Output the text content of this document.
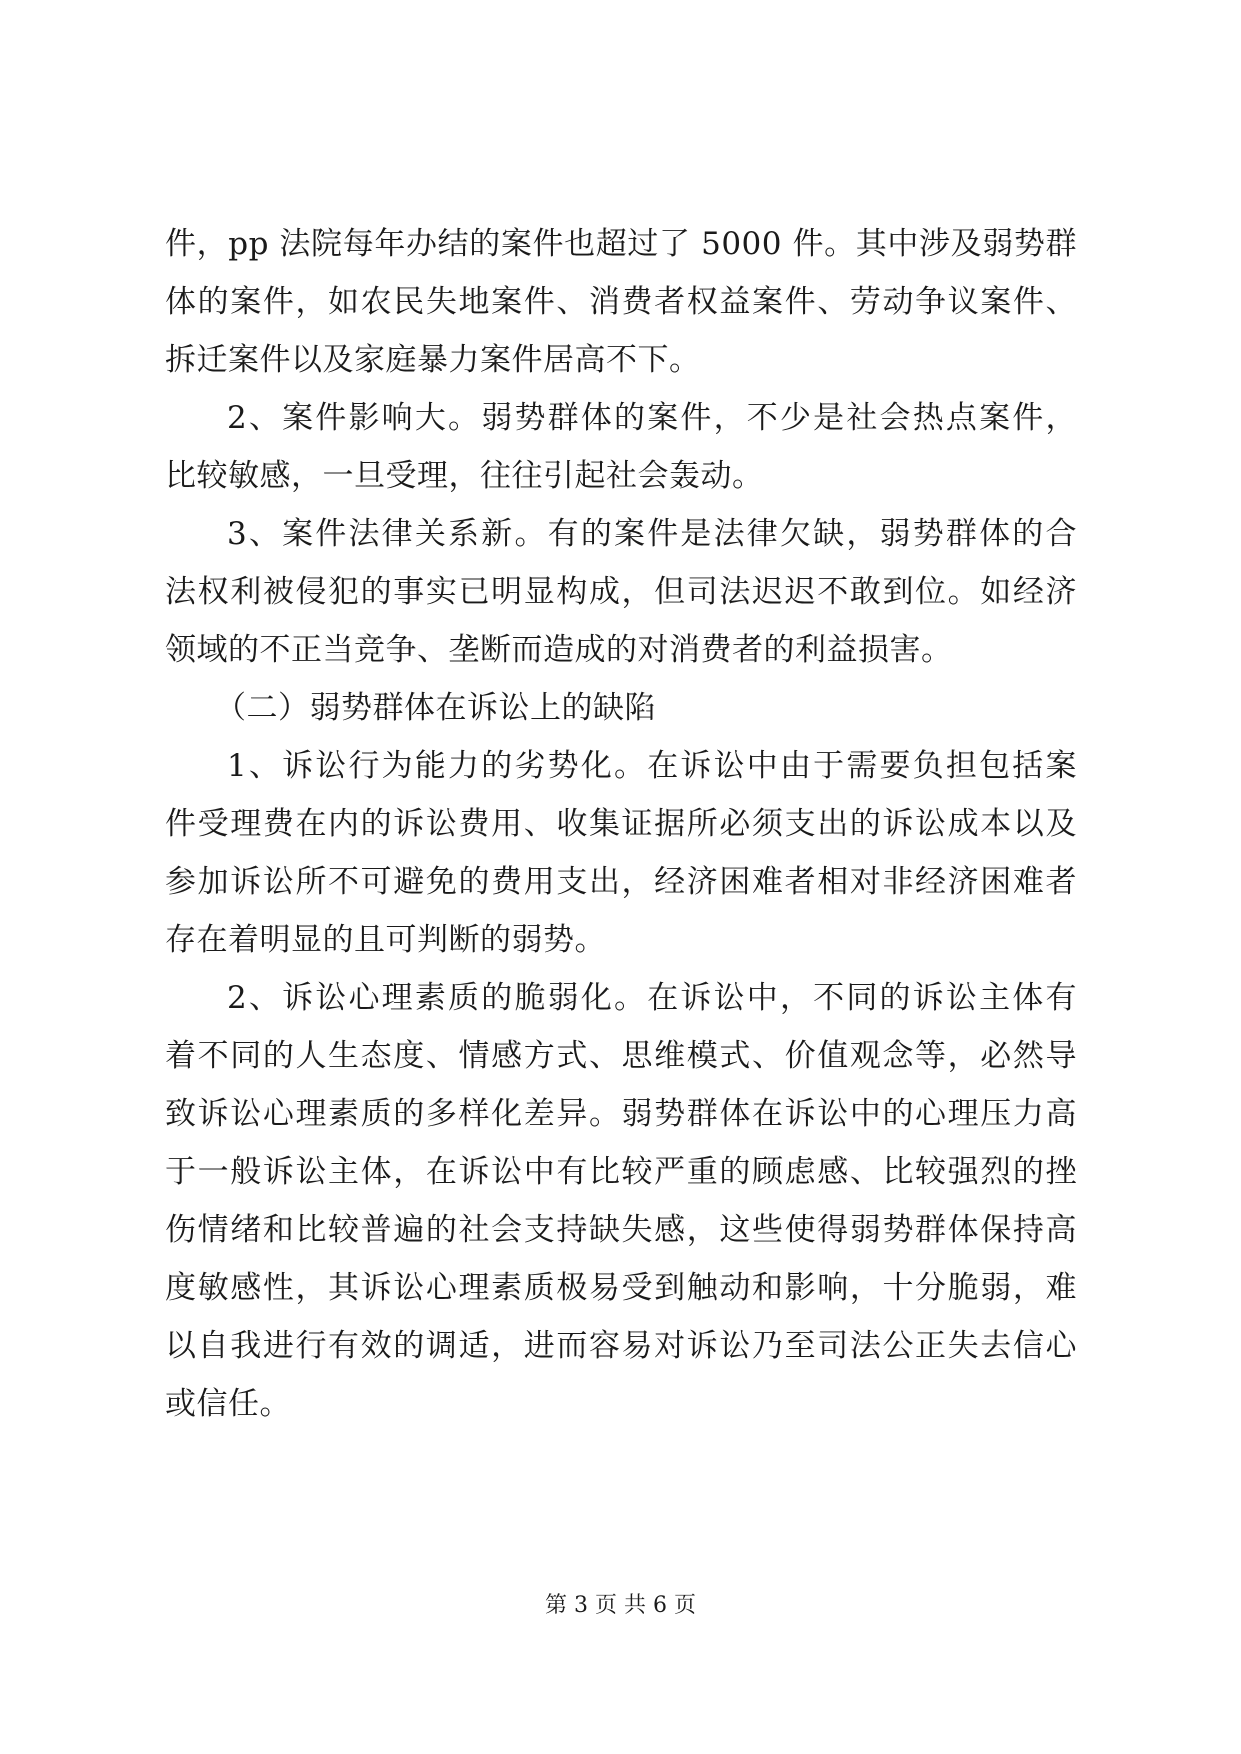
件，pp 法院每年办结的案件也超过了 5000 件。其中涉及弱势群
体的案件，如农民失地案件、消费者权益案件、劳动争议案件、
拆迁案件以及家庭暴力案件居高不下。
2、案件影响大。弱势群体的案件，不少是社会热点案件，
比较敏感，一旦受理，往往引起社会轰动。
3、案件法律关系新。有的案件是法律欠缺，弱势群体的合
法权利被侵犯的事实已明显构成，但司法迟迟不敢到位。如经济
领域的不正当竞争、垄断而造成的对消费者的利益损害。
（二）弱势群体在诉讼上的缺陷
1、诉讼行为能力的劣势化。在诉讼中由于需要负担包括案
件受理费在内的诉讼费用、收集证据所必须支出的诉讼成本以及
参加诉讼所不可避免的费用支出，经济困难者相对非经济困难者
存在着明显的且可判断的弱势。
2、诉讼心理素质的脆弱化。在诉讼中，不同的诉讼主体有
着不同的人生态度、情感方式、思维模式、价值观念等，必然导
致诉讼心理素质的多样化差异。弱势群体在诉讼中的心理压力高
于一般诉讼主体，在诉讼中有比较严重的顾虑感、比较强烈的挫
伤情绪和比较普遍的社会支持缺失感，这些使得弱势群体保持高
度敏感性，其诉讼心理素质极易受到触动和影响，十分脆弱，难
以自我进行有效的调适，进而容易对诉讼乃至司法公正失去信心
或信任。
第 3 页 共 6 页
